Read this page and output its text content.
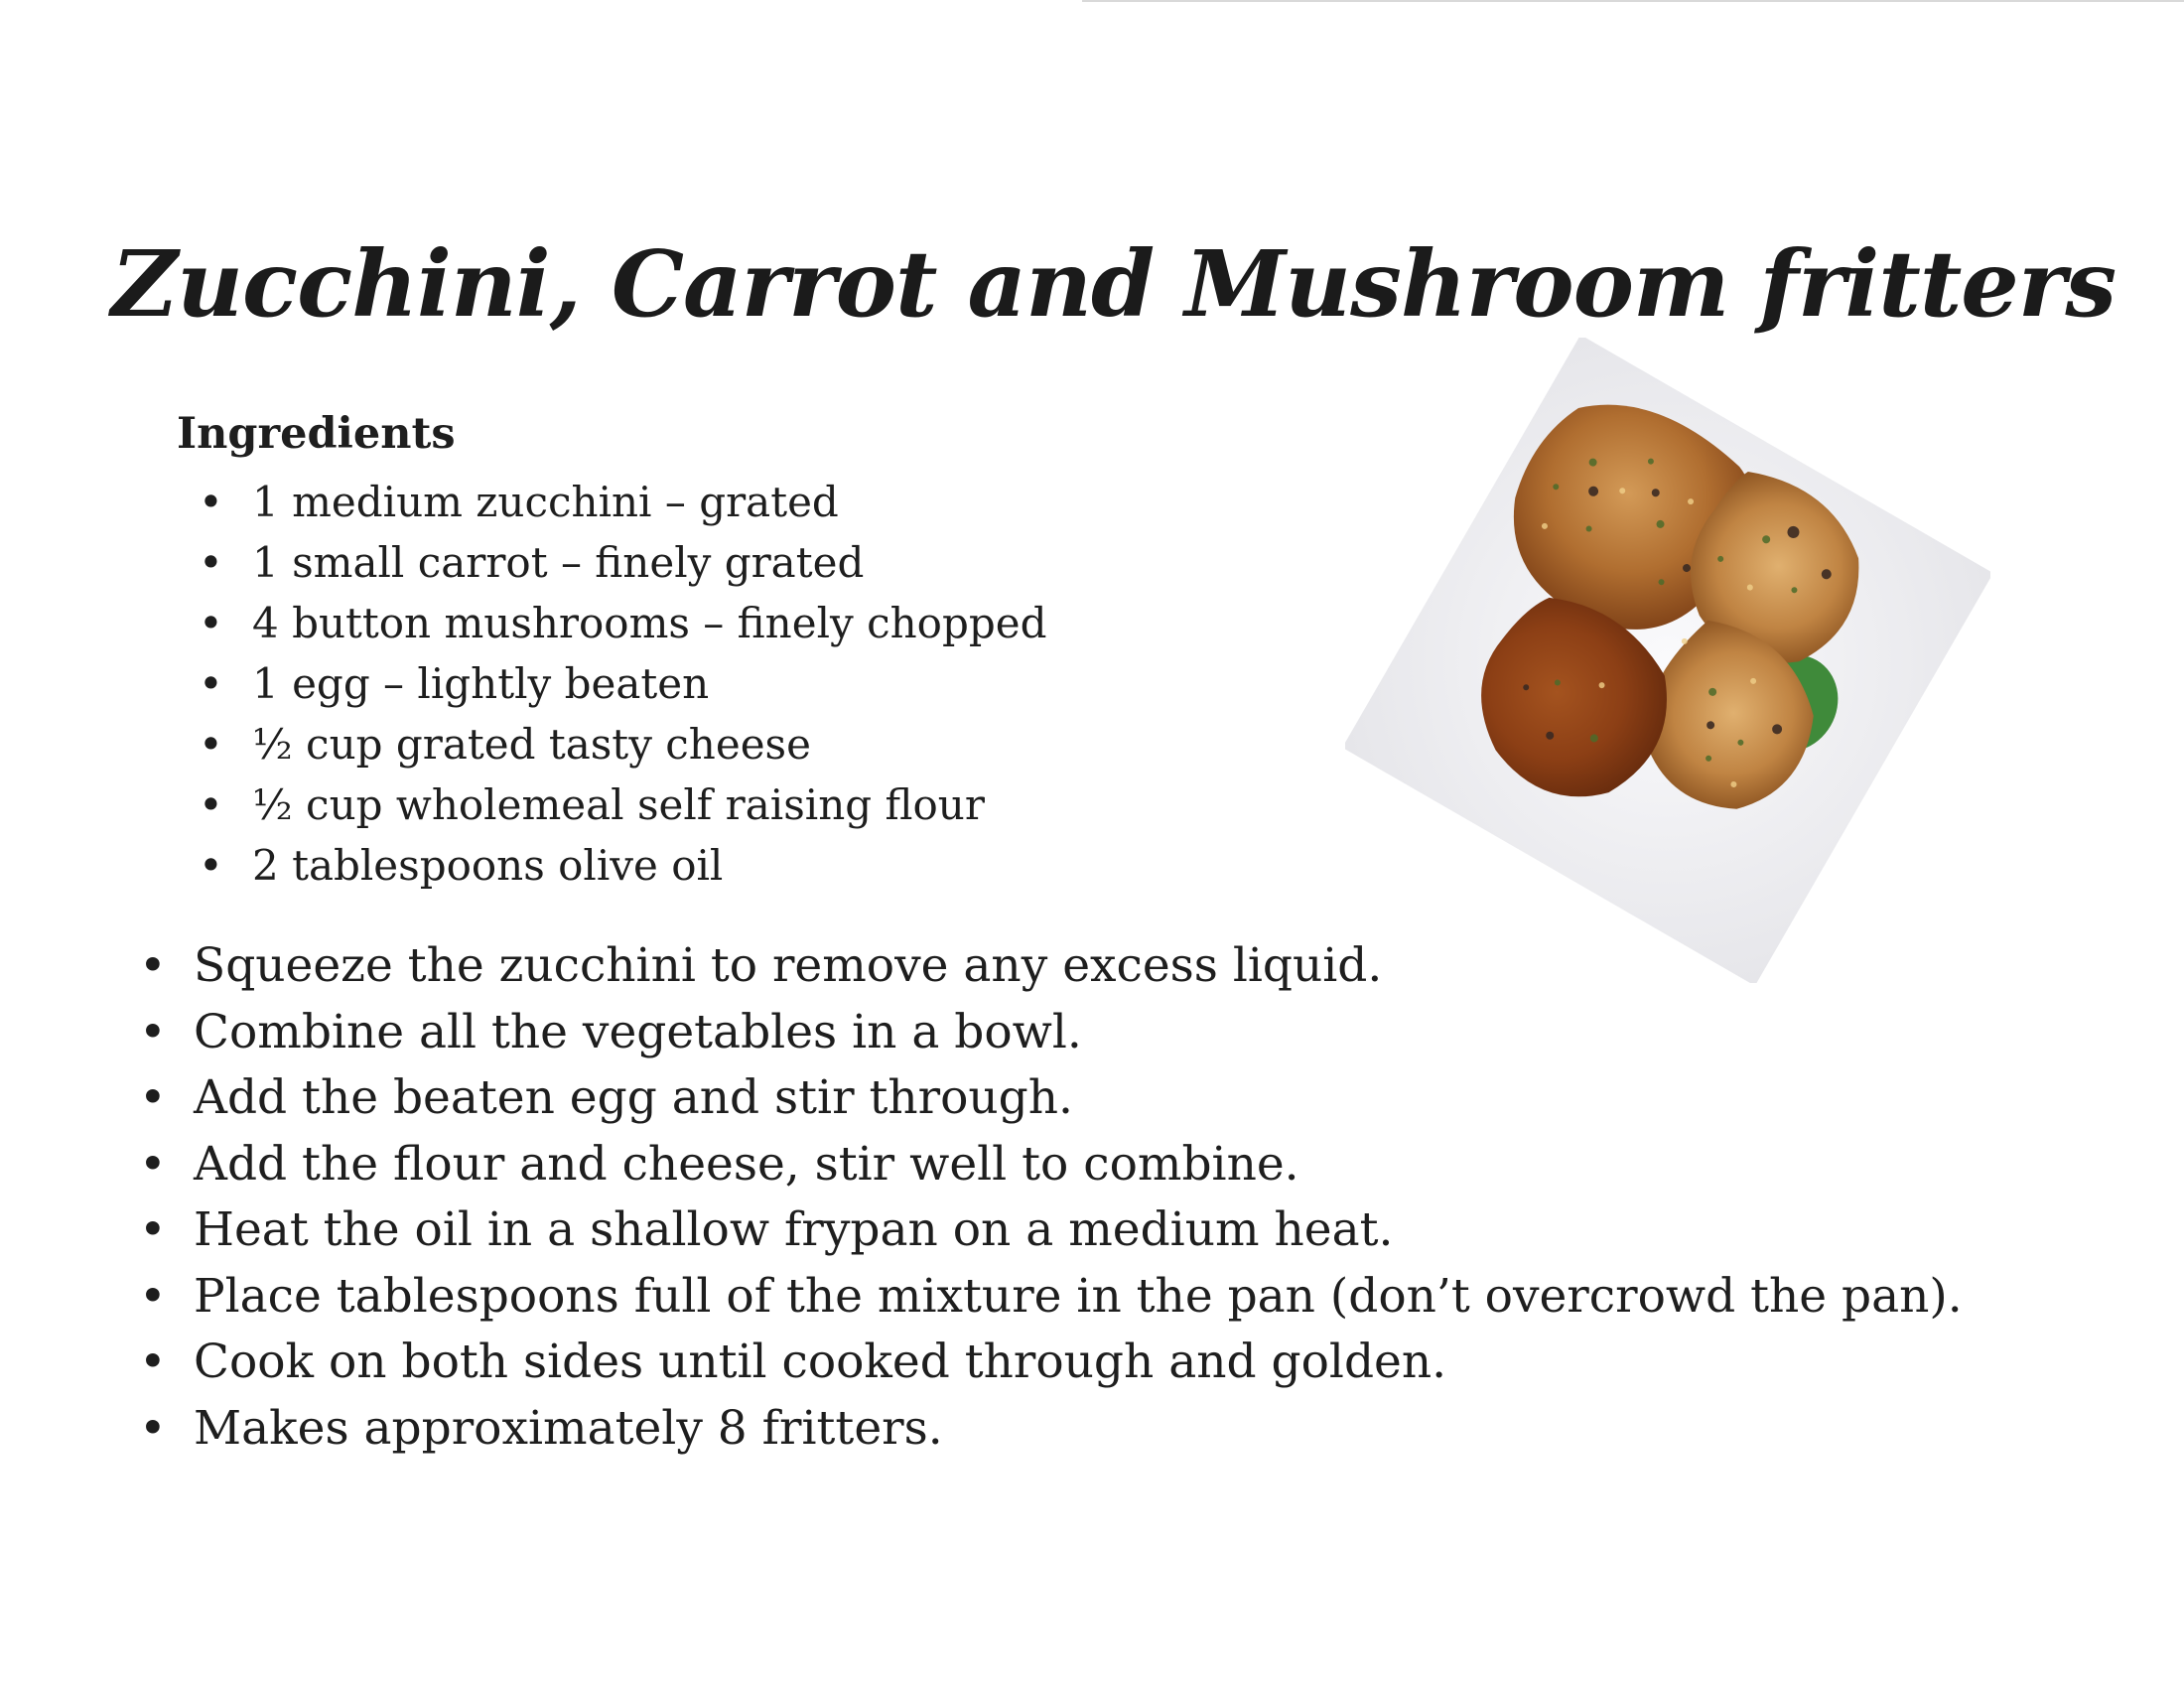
Zucchini, Carrot and Mushroom fritters
Ingredients
• 1 medium zucchini – grated
• 1 small carrot – finely grated
• 4 button mushrooms – finely chopped
• 1 egg – lightly beaten
• ½ cup grated tasty cheese
• ½ cup wholemeal self raising flour
• 2 tablespoons olive oil
• Squeeze the zucchini to remove any excess liquid.
• Combine all the vegetables in a bowl.
• Add the beaten egg and stir through.
• Add the flour and cheese, stir well to combine.
• Heat the oil in a shallow frypan on a medium heat.
• Place tablespoons full of the mixture in the pan (don’t overcrowd the pan).
• Cook on both sides until cooked through and golden.
• Makes approximately 8 fritters.
